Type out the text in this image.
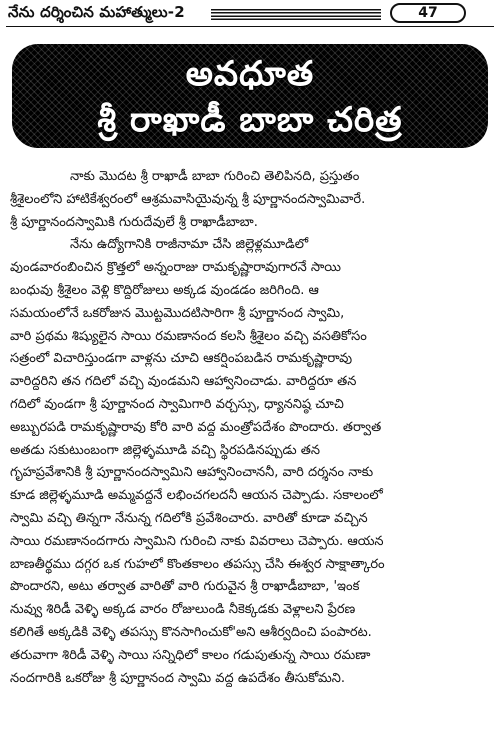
నేను దర్శించిన మహాత్ములు-2	47
అవధూత
శ్రీ రాఖాడీ బాబా చరిత్ర

నాకు మొదట శ్రీ రాఖాడీ బాబా గురించి తెలిపినది, ప్రస్తుతం
శ్రీశైలంలోని హాటికేశ్వరంలో ఆశ్రమవాసియైవున్న శ్రీ పూర్ణానందస్వామివారే.
శ్రీ పూర్ణానందస్వామికి గురుదేవులే శ్రీ రాఖాడీబాబా.

నేను ఉద్యోగానికి రాజీనామా చేసి జిల్లెళ్లమూడిలో
వుండవారంబించిన క్రొత్తలో అన్నంరాజు రామకృష్ణారావుగారనే సాయి
బంధువు శ్రీశైలం వెళ్లి కొద్దిరోజులు అక్కడ వుండడం జరిగింది. ఆ
సమయంలోనే ఒకరోజున మొట్టమొదటిసారిగా శ్రీ పూర్ణానంద స్వామి,
వారి ప్రథమ శిష్యులైన సాయి రమణానంద కలసి శ్రీశైలం వచ్చి వసతికోసం
సత్రంలో విచారిస్తుండగా వాళ్లను చూచి ఆకర్షింపబడిన రామకృష్ణారావు
వారిద్దరిని తన గదిలో వచ్చి వుండమని ఆహ్వానించాడు. వారిద్దరూ తన
గదిలో వుండగా శ్రీ పూర్ణానంద స్వామిగారి వర్చస్సు, ధ్యాననిష్ఠ చూచి
అబ్బురపడి రామకృష్ణారావు కోరి వారి వద్ద మంత్రోపదేశం పొందారు. తర్వాత
అతడు సకుటుంబంగా జిల్లెళ్ళమూడి వచ్చి స్థిరపడినప్పుడు తన
గృహప్రవేశానికి శ్రీ పూర్ణానందస్వామిని ఆహ్వానించాననీ, వారి దర్శనం నాకు
కూడ జిల్లెళ్ళమూడి అమ్మవద్దనే లభించగలదనీ ఆయన చెప్పాడు. సకాలంలో
స్వామి వచ్చి తిన్నగా నేనున్న గదిలోకి ప్రవేశించారు. వారితో కూడా వచ్చిన
సాయి రమణానందగారు స్వామిని గురించి నాకు వివరాలు చెప్పారు. ఆయన
బాణతీర్థము దగ్గర ఒక గుహలో కొంతకాలం తపస్సు చేసి ఈశ్వర సాక్షాత్కారం
పొందారని, అటు తర్వాత వారితో వారి గురువైన శ్రీ రాఖాడీబాబా, 'ఇంక
నువ్వు శిరిడీ వెళ్ళి అక్కడ వారం రోజులుండి నీకెక్కడకు వెళ్లాలని ప్రేరణ
కలిగితే అక్కడికి వెళ్ళి తపస్సు కొనసాగించుకో'అని ఆశీర్వదించి పంపారట.
తరువాగా శిరిడీ వెళ్ళి సాయి సన్నిధిలో కాలం గడుపుతున్న సాయి రమణా
నందగారికి ఒకరోజు శ్రీ పూర్ణానంద స్వామి వద్ద ఉపదేశం తీసుకోమని.
